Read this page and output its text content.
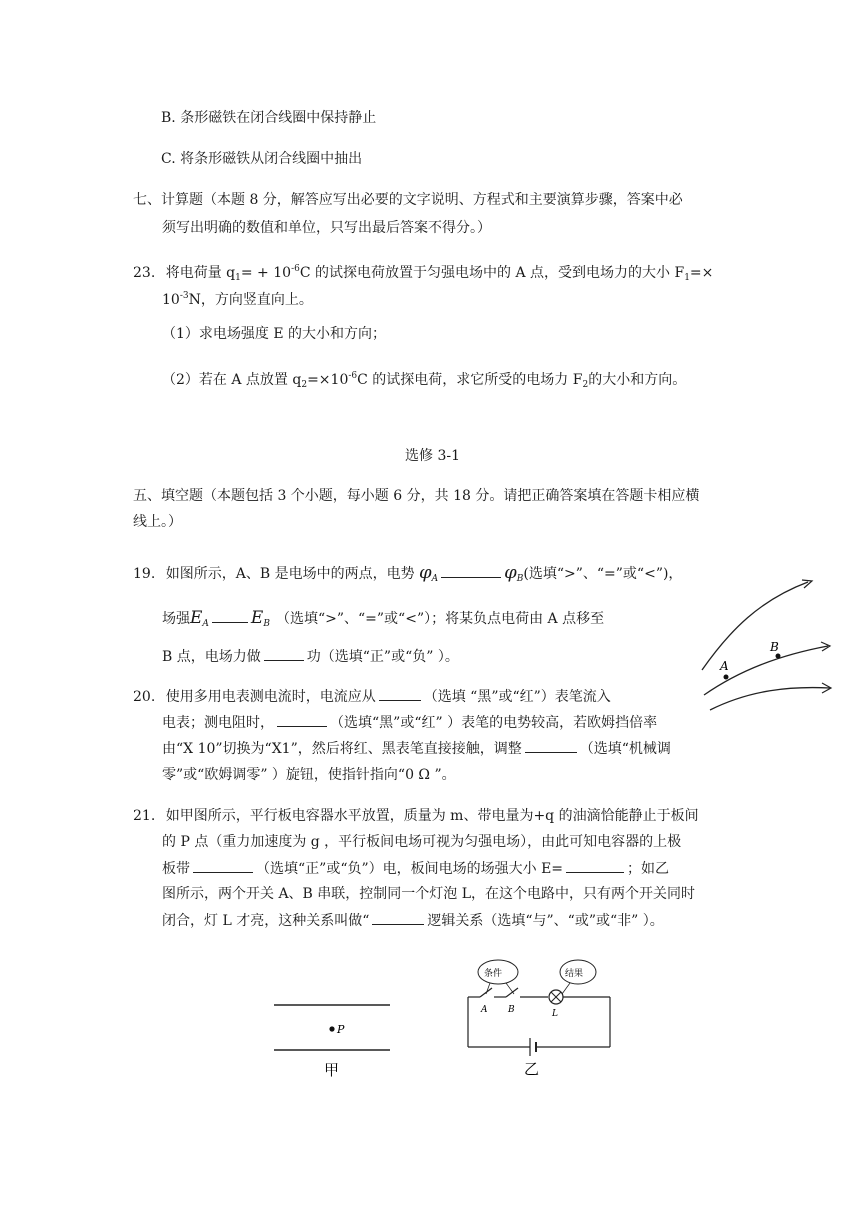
B. 条形磁铁在闭合线圈中保持静止
C. 将条形磁铁从闭合线圈中抽出
七、计算题（本题 8 分，解答应写出必要的文字说明、方程式和主要演算步骤，答案中必
须写出明确的数值和单位，只写出最后答案不得分。）
23. 将电荷量 $q_1= + 10^{-6}C$ 的试探电荷放置于匀强电场中的 A 点，受到电场力的大小 $F_1=\times$
$10^{-3}N$，方向竖直向上。
（1）求电场强度 E 的大小和方向；
（2）若在 A 点放置 $q_2=\times 10^{-6}C$ 的试探电荷，求它所受的电场力 $F_2$的大小和方向。
选修 3-1
五、填空题（本题包括 3 个小题，每小题 6 分，共 18 分。请把正确答案填在答题卡相应横
线上。）
19. 如图所示，A、B 是电场中的两点，电势 $\varphi_A$	$\varphi_B$(选填“>”、“=”或“<”)，
场强$E_A$ $E_B$ （选填“>”、“=”或“<”）；将某负点电荷由 A 点移至
B 点，电场力做	功（选填“正”或“负” ）。
A
B
20. 使用多用电表测电流时，电流应从	（选填 “黑”或“红”）表笔流入
电表；测电阻时，	（选填“黑”或“红” ）表笔的电势较高，若欧姆挡倍率
由“X 10”切换为“X1”，然后将红、黑表笔直接接触，调整	（选填“机械调
零”或“欧姆调零” ）旋钮，使指针指向“0 Ω ”。
21. 如甲图所示，平行板电容器水平放置，质量为 m、带电量为+q 的油滴恰能静止于板间
的 P 点（重力加速度为 g ，平行板间电场可视为匀强电场），由此可知电容器的上极
板带	（选填“正”或“负”）电，板间电场的场强大小 E=	；如乙
图所示，两个开关 A、B 串联，控制同一个灯泡 L，在这个电路中，只有两个开关同时
闭合，灯 L 才亮，这种关系叫做“	逻辑关系（选填“与”、“或”或“非” ）。
P
甲
条件	结果
A B	L
乙
